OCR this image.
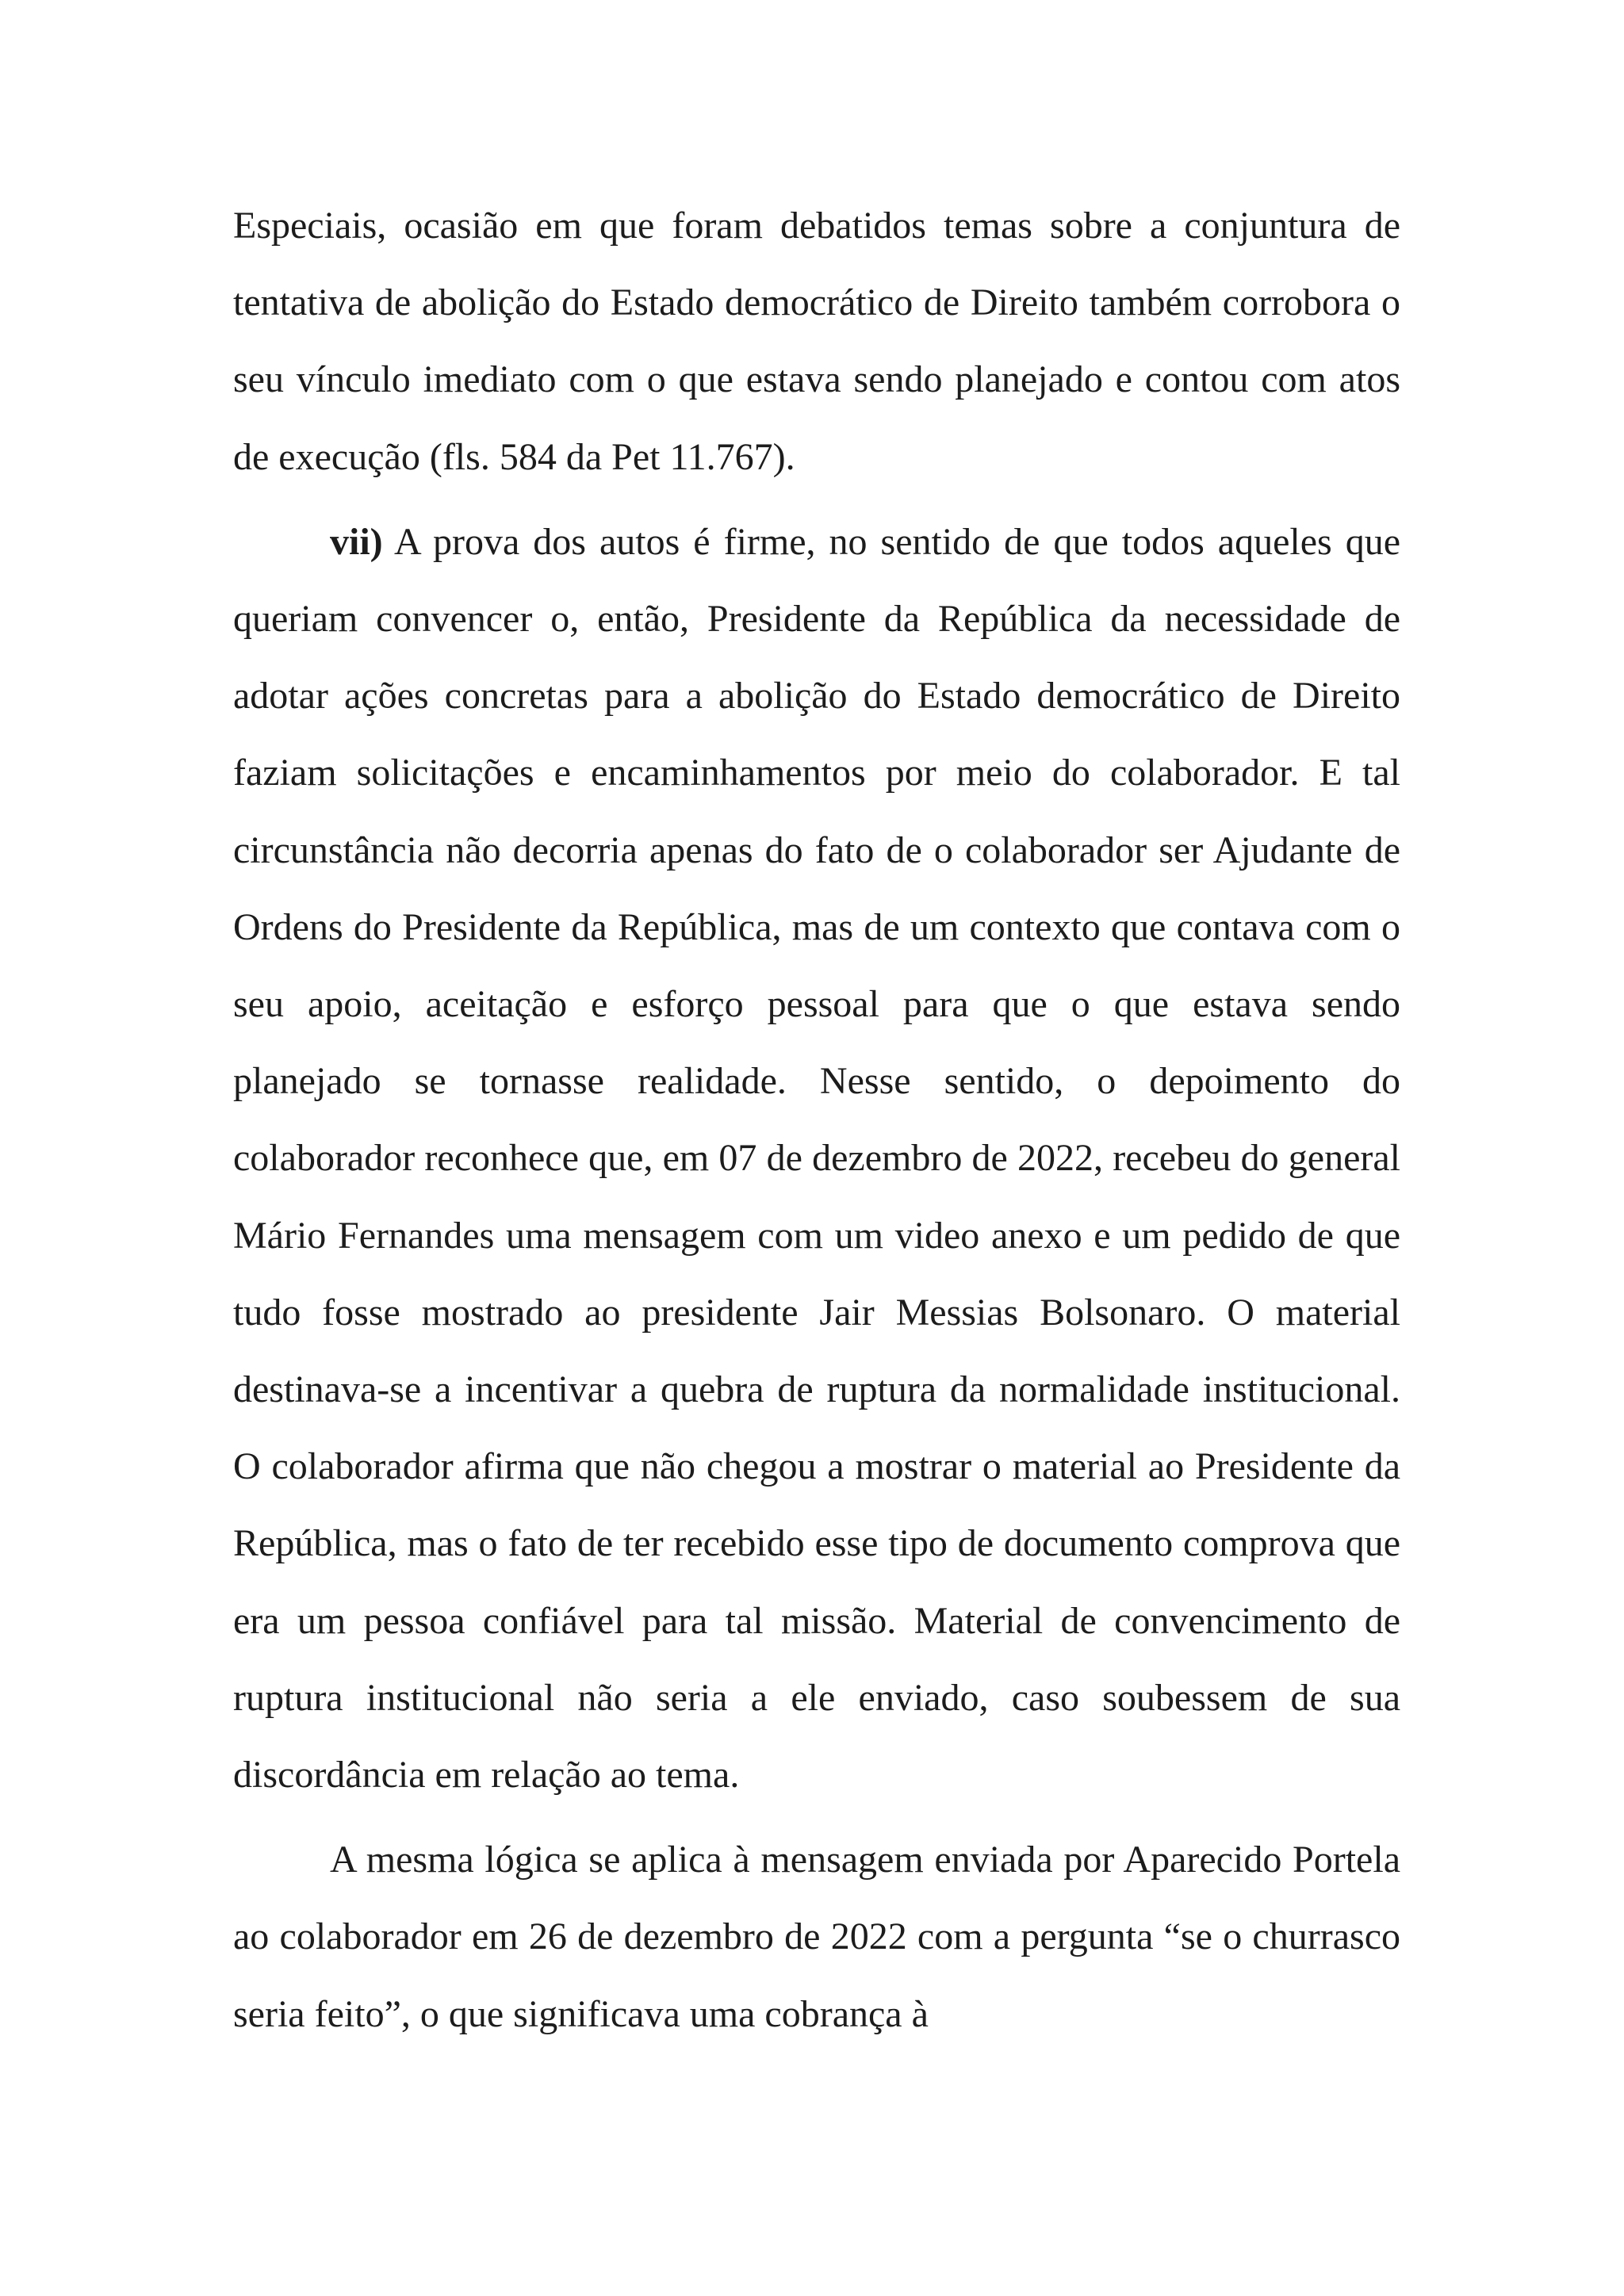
Especiais, ocasião em que foram debatidos temas sobre a conjuntura de tentativa de abolição do Estado democrático de Direito também corrobora o seu vínculo imediato com o que estava sendo planejado e contou com atos de execução (fls. 584 da Pet 11.767).

vii) A prova dos autos é firme, no sentido de que todos aqueles que queriam convencer o, então, Presidente da República da necessidade de adotar ações concretas para a abolição do Estado democrático de Direito faziam solicitações e encaminhamentos por meio do colaborador. E tal circunstância não decorria apenas do fato de o colaborador ser Ajudante de Ordens do Presidente da República, mas de um contexto que contava com o seu apoio, aceitação e esforço pessoal para que o que estava sendo planejado se tornasse realidade. Nesse sentido, o depoimento do colaborador reconhece que, em 07 de dezembro de 2022, recebeu do general Mário Fernandes uma mensagem com um video anexo e um pedido de que tudo fosse mostrado ao presidente Jair Messias Bolsonaro. O material destinava-se a incentivar a quebra de ruptura da normalidade institucional. O colaborador afirma que não chegou a mostrar o material ao Presidente da República, mas o fato de ter recebido esse tipo de documento comprova que era um pessoa confiável para tal missão. Material de convencimento de ruptura institucional não seria a ele enviado, caso soubessem de sua discordância em relação ao tema.

A mesma lógica se aplica à mensagem enviada por Aparecido Portela ao colaborador em 26 de dezembro de 2022 com a pergunta “se o churrasco seria feito”, o que significava uma cobrança à
